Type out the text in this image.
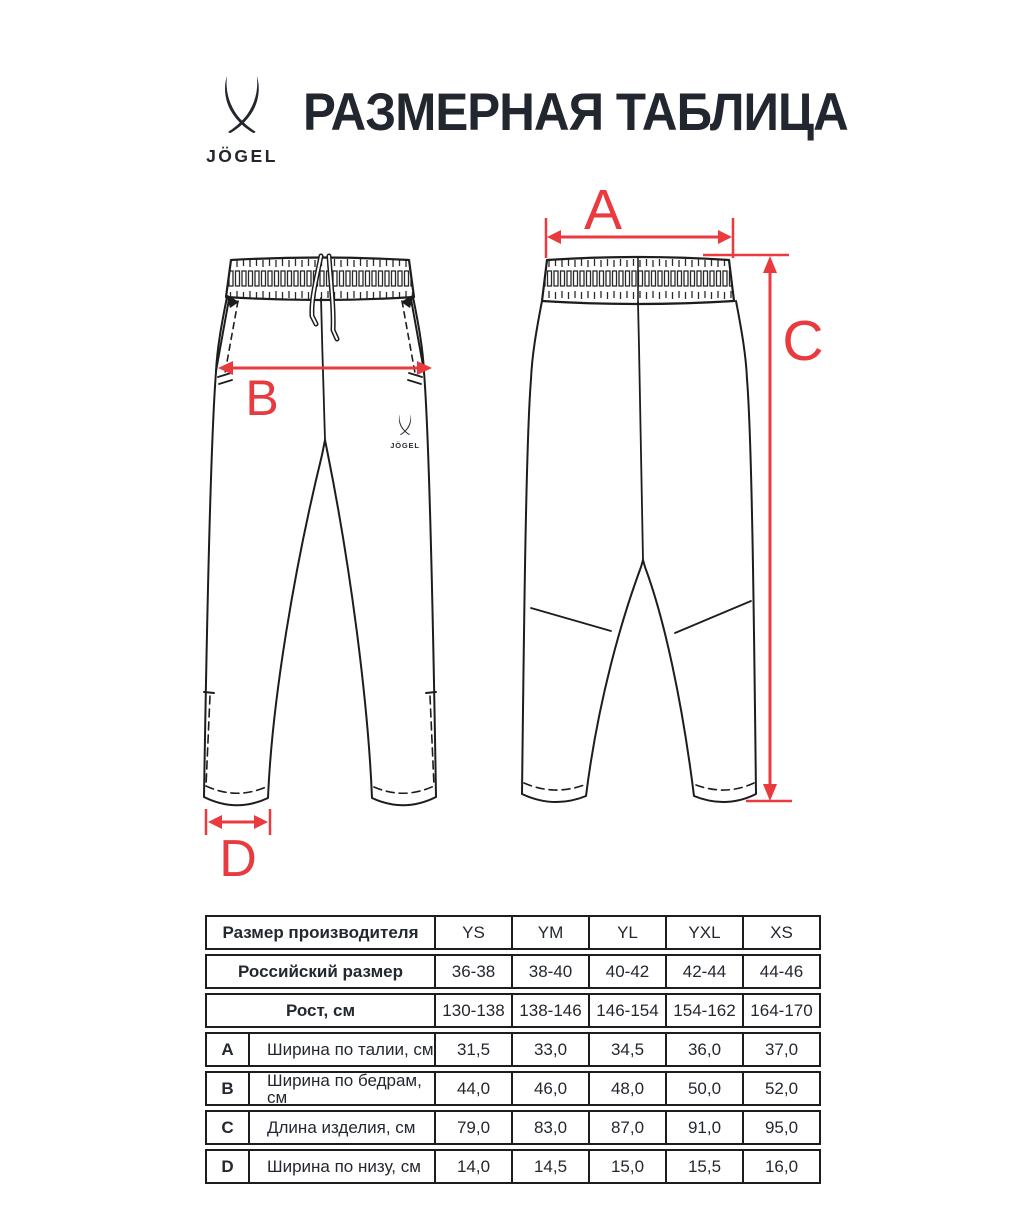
JÖGEL
РАЗМЕРНАЯ ТАБЛИЦА
JÖGEL
A
B
C
D
Размер производителя	YS	YM	YL	YXL	XS
Российский размер	36-38	38-40	40-42	42-44	44-46
Рост, см	130-138 138-146 146-154 154-162 164-170
A	Ширина по талии, см	31,5	33,0	34,5	36,0	37,0
B	Ширина по бедрам, см	44,0	46,0	48,0	50,0	52,0
C	Длина изделия, см	79,0	83,0	87,0	91,0	95,0
D	Ширина по низу, см	14,0	14,5	15,0	15,5	16,0
